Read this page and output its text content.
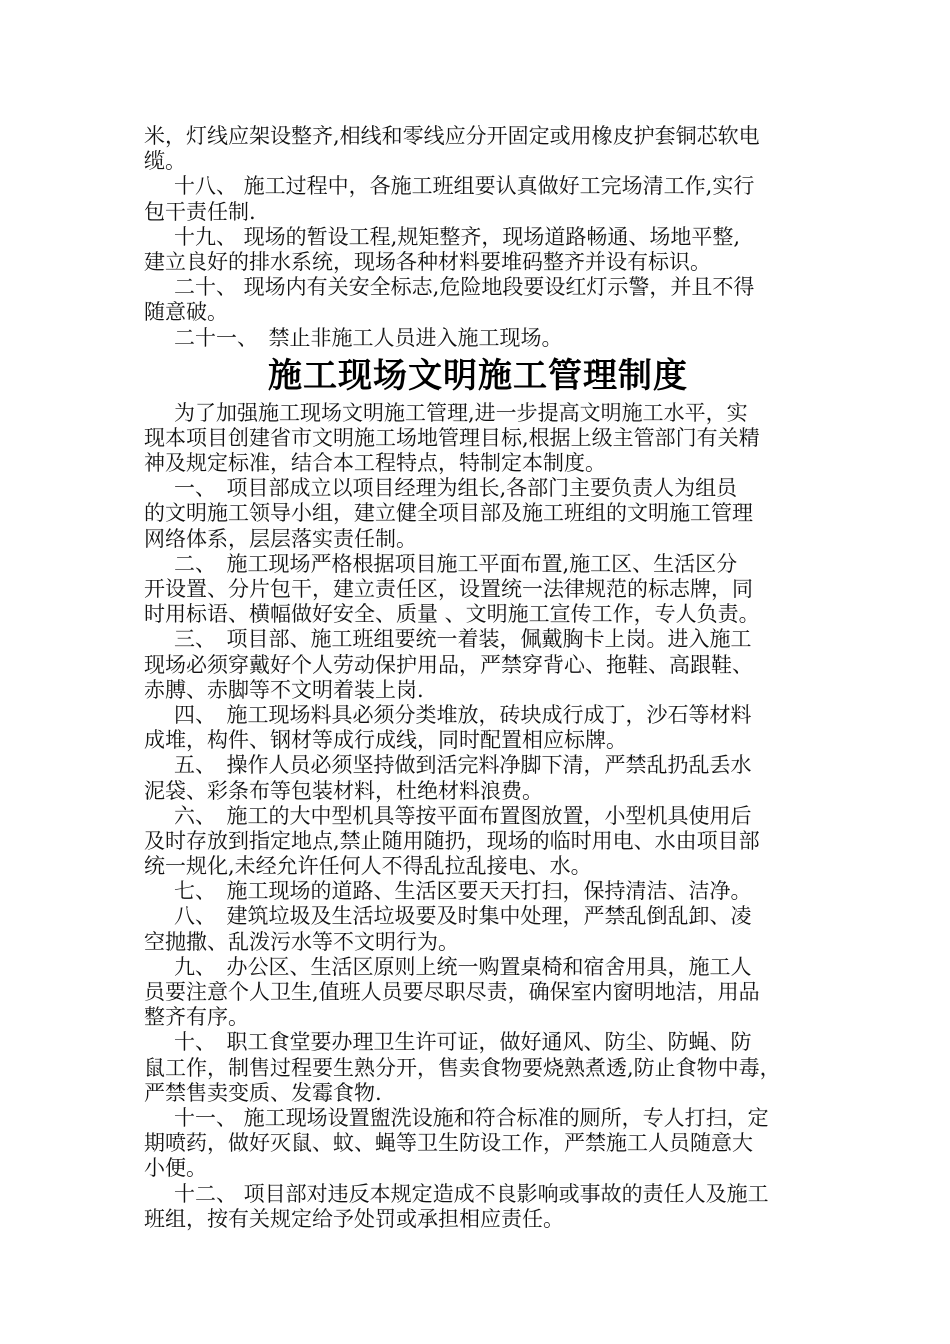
米，灯线应架设整齐,相线和零线应分开固定或用橡皮护套铜芯软电
缆。
十八、 施工过程中，各施工班组要认真做好工完场清工作,实行
包干责任制.
十九、 现场的暂设工程,规矩整齐，现场道路畅通、场地平整,
建立良好的排水系统，现场各种材料要堆码整齐并设有标识。
二十、 现场内有关安全标志,危险地段要设红灯示警，并且不得
随意破。
二十一、　禁止非施工人员进入施工现场。
施工现场文明施工管理制度
为了加强施工现场文明施工管理,进一步提高文明施工水平，实
现本项目创建省市文明施工场地管理目标,根据上级主管部门有关精
神及规定标准，结合本工程特点，特制定本制度。
一、　项目部成立以项目经理为组长,各部门主要负责人为组员
的文明施工领导小组，建立健全项目部及施工班组的文明施工管理
网络体系，层层落实责任制。
二、　施工现场严格根据项目施工平面布置,施工区、生活区分
开设置、分片包干，建立责任区，设置统一法律规范的标志牌，同
时用标语、横幅做好安全、质量 、文明施工宣传工作，专人负责。
三、　项目部、施工班组要统一着装，佩戴胸卡上岗。进入施工
现场必须穿戴好个人劳动保护用品，严禁穿背心、拖鞋、高跟鞋、
赤膊、赤脚等不文明着装上岗.
四、　施工现场料具必须分类堆放，砖块成行成丁，沙石等材料
成堆，构件、钢材等成行成线，同时配置相应标牌。
五、　操作人员必须坚持做到活完料净脚下清，严禁乱扔乱丢水
泥袋、彩条布等包装材料，杜绝材料浪费。
六、　施工的大中型机具等按平面布置图放置，小型机具使用后
及时存放到指定地点,禁止随用随扔，现场的临时用电、水由项目部
统一规化,未经允许任何人不得乱拉乱接电、水。
七、　施工现场的道路、生活区要天天打扫，保持清洁、洁净。
八、　建筑垃圾及生活垃圾要及时集中处理，严禁乱倒乱卸、凌
空抛撒、乱泼污水等不文明行为。
九、　办公区、生活区原则上统一购置桌椅和宿舍用具，施工人
员要注意个人卫生,值班人员要尽职尽责，确保室内窗明地洁，用品
整齐有序。
十、　职工食堂要办理卫生许可证，做好通风、防尘、防蝇、防
鼠工作，制售过程要生熟分开，售卖食物要烧熟煮透,防止食物中毒，
严禁售卖变质、发霉食物.
十一、 施工现场设置盥洗设施和符合标准的厕所，专人打扫，定
期喷药，做好灭鼠、蚊、蝇等卫生防设工作，严禁施工人员随意大
小便。
十二、 项目部对违反本规定造成不良影响或事故的责任人及施工
班组，按有关规定给予处罚或承担相应责任。
